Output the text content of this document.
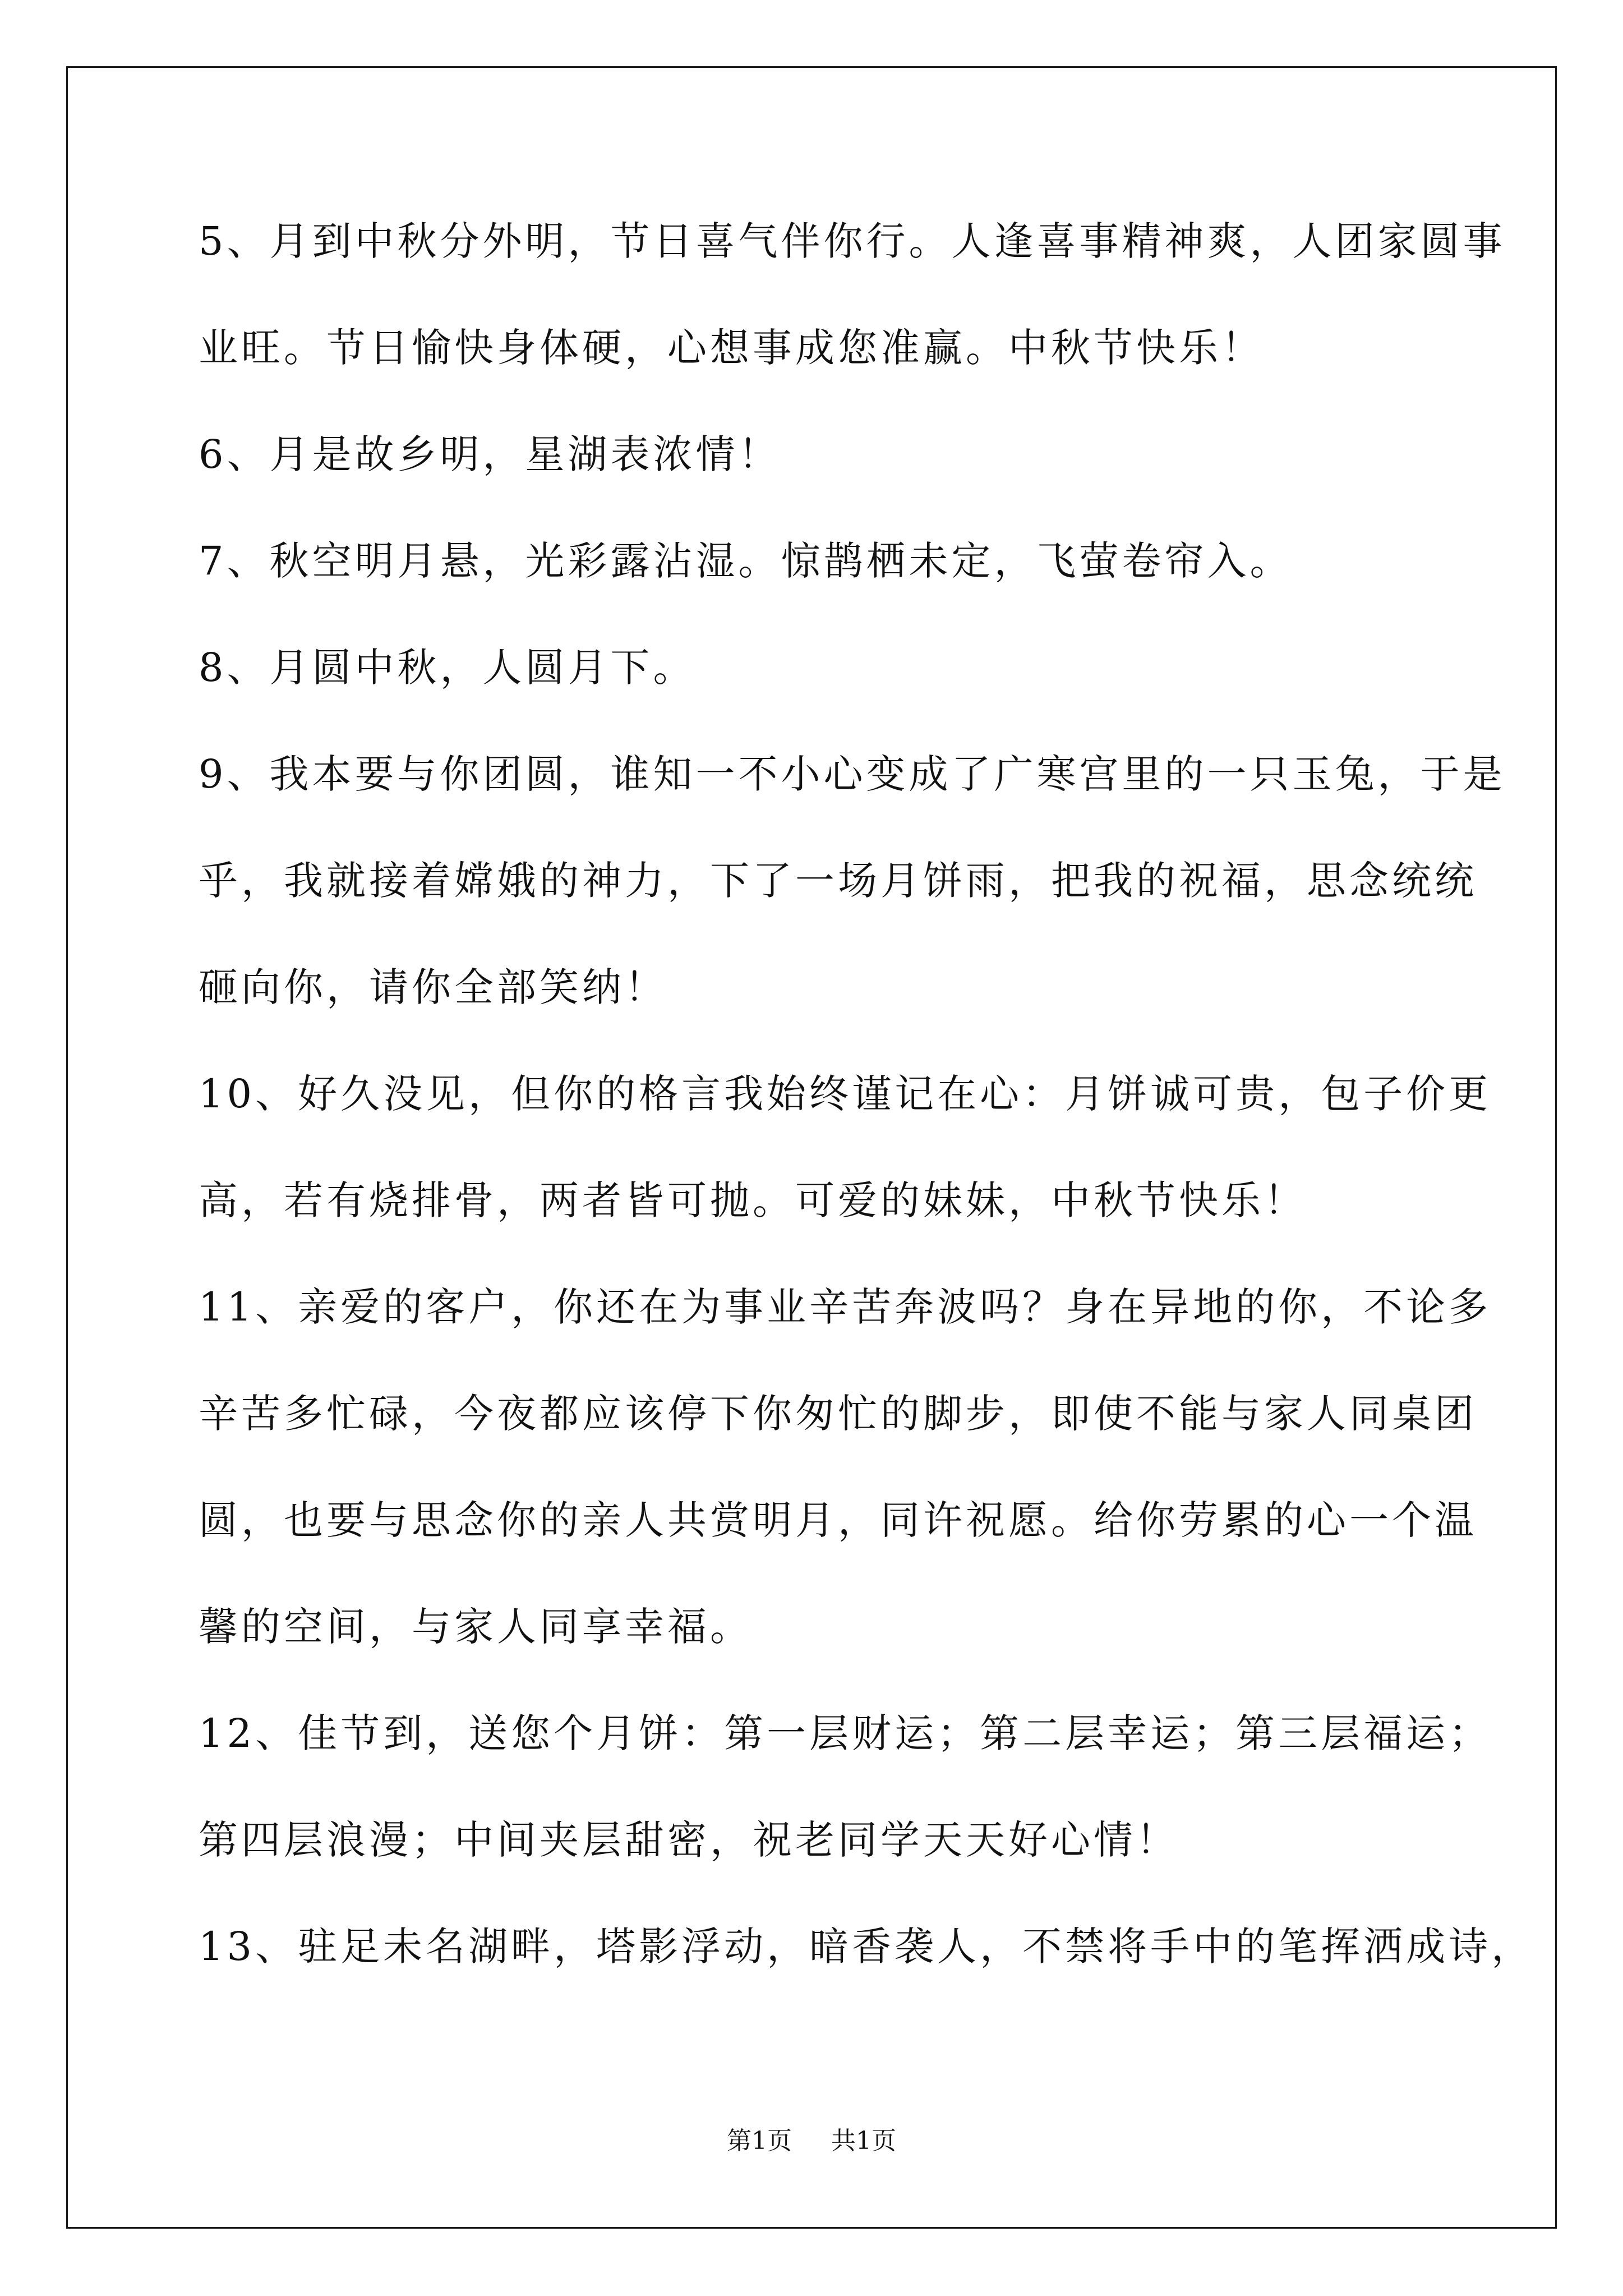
5、月到中秋分外明，节日喜气伴你行。人逢喜事精神爽，人团家圆事
业旺。节日愉快身体硬，心想事成您准赢。中秋节快乐！
6、月是故乡明，星湖表浓情！
7、秋空明月悬，光彩露沾湿。惊鹊栖未定，飞萤卷帘入。
8、月圆中秋，人圆月下。
9、我本要与你团圆，谁知一不小心变成了广寒宫里的一只玉兔，于是
乎，我就接着嫦娥的神力，下了一场月饼雨，把我的祝福，思念统统
砸向你，请你全部笑纳！
10、好久没见，但你的格言我始终谨记在心：月饼诚可贵，包子价更
高，若有烧排骨，两者皆可抛。可爱的妹妹，中秋节快乐！
11、亲爱的客户，你还在为事业辛苦奔波吗？身在异地的你，不论多
辛苦多忙碌，今夜都应该停下你匆忙的脚步，即使不能与家人同桌团
圆，也要与思念你的亲人共赏明月，同许祝愿。给你劳累的心一个温
馨的空间，与家人同享幸福。
12、佳节到，送您个月饼：第一层财运；第二层幸运；第三层福运；
第四层浪漫；中间夹层甜密，祝老同学天天好心情！
13、驻足未名湖畔，塔影浮动，暗香袭人，不禁将手中的笔挥洒成诗，
第1页 共1页
